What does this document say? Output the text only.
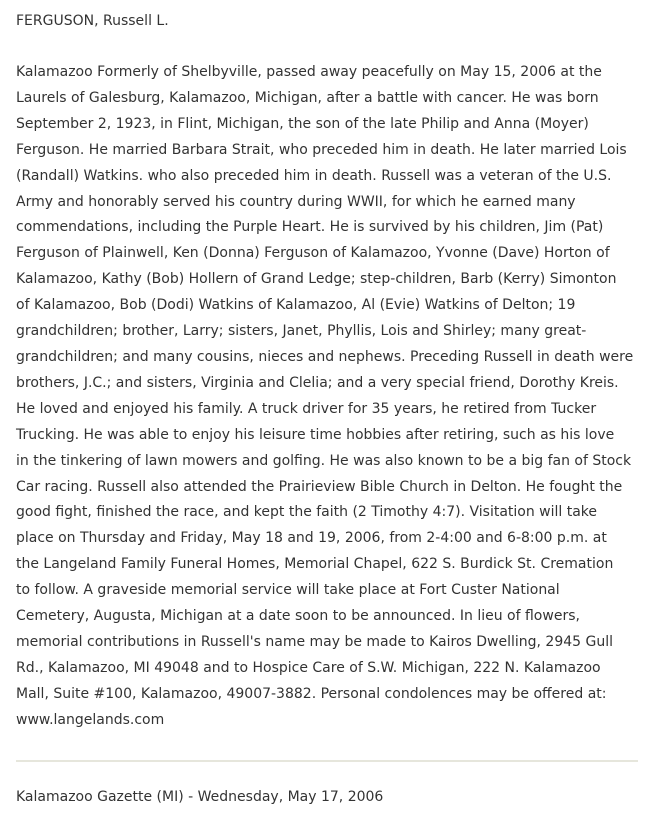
FERGUSON, Russell L.

Kalamazoo Formerly of Shelbyville, passed away peacefully on May 15, 2006 at the
Laurels of Galesburg, Kalamazoo, Michigan, after a battle with cancer. He was born
September 2, 1923, in Flint, Michigan, the son of the late Philip and Anna (Moyer)
Ferguson. He married Barbara Strait, who preceded him in death. He later married Lois
(Randall) Watkins. who also preceded him in death. Russell was a veteran of the U.S.
Army and honorably served his country during WWII, for which he earned many
commendations, including the Purple Heart. He is survived by his children, Jim (Pat)
Ferguson of Plainwell, Ken (Donna) Ferguson of Kalamazoo, Yvonne (Dave) Horton of
Kalamazoo, Kathy (Bob) Hollern of Grand Ledge; step-children, Barb (Kerry) Simonton
of Kalamazoo, Bob (Dodi) Watkins of Kalamazoo, Al (Evie) Watkins of Delton; 19
grandchildren; brother, Larry; sisters, Janet, Phyllis, Lois and Shirley; many great-
grandchildren; and many cousins, nieces and nephews. Preceding Russell in death were
brothers, J.C.; and sisters, Virginia and Clelia; and a very special friend, Dorothy Kreis.
He loved and enjoyed his family. A truck driver for 35 years, he retired from Tucker
Trucking. He was able to enjoy his leisure time hobbies after retiring, such as his love
in the tinkering of lawn mowers and golfing. He was also known to be a big fan of Stock
Car racing. Russell also attended the Prairieview Bible Church in Delton. He fought the
good fight, finished the race, and kept the faith (2 Timothy 4:7). Visitation will take
place on Thursday and Friday, May 18 and 19, 2006, from 2-4:00 and 6-8:00 p.m. at
the Langeland Family Funeral Homes, Memorial Chapel, 622 S. Burdick St. Cremation
to follow. A graveside memorial service will take place at Fort Custer National
Cemetery, Augusta, Michigan at a date soon to be announced. In lieu of flowers,
memorial contributions in Russell's name may be made to Kairos Dwelling, 2945 Gull
Rd., Kalamazoo, MI 49048 and to Hospice Care of S.W. Michigan, 222 N. Kalamazoo
Mall, Suite #100, Kalamazoo, 49007-3882. Personal condolences may be offered at:
www.langelands.com

Kalamazoo Gazette (MI) - Wednesday, May 17, 2006
